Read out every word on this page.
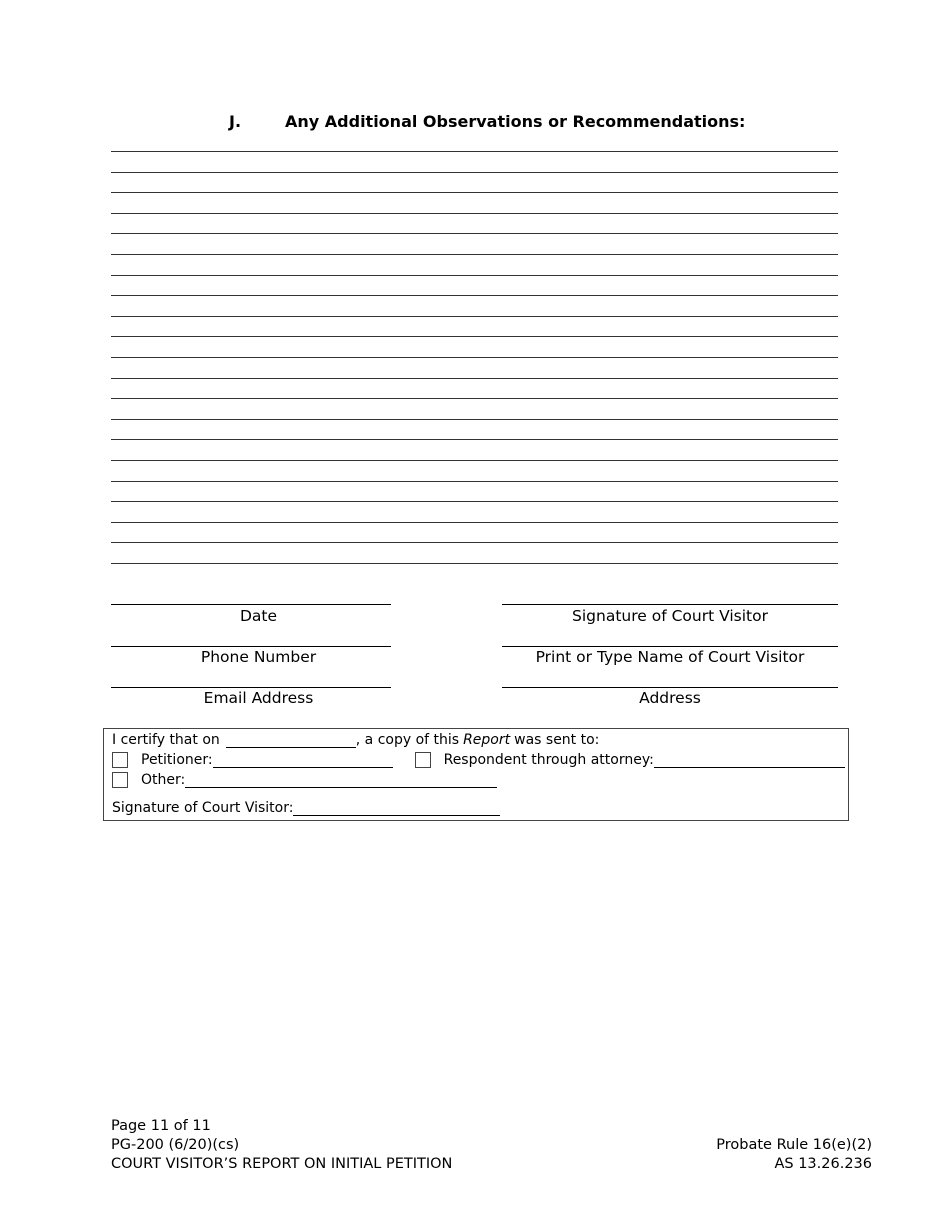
J.	Any Additional Observations or Recommendations:
Date	Signature of Court Visitor
Phone Number	Print or Type Name of Court Visitor
Email Address	Address
I certify that on	, a copy of this Report was sent to:
Petitioner:	Respondent through attorney:
Other:
Signature of Court Visitor:
Page 11 of 11
PG-200 (6/20)(cs)
COURT VISITOR’S REPORT ON INITIAL PETITION
Probate Rule 16(e)(2)
AS 13.26.236
